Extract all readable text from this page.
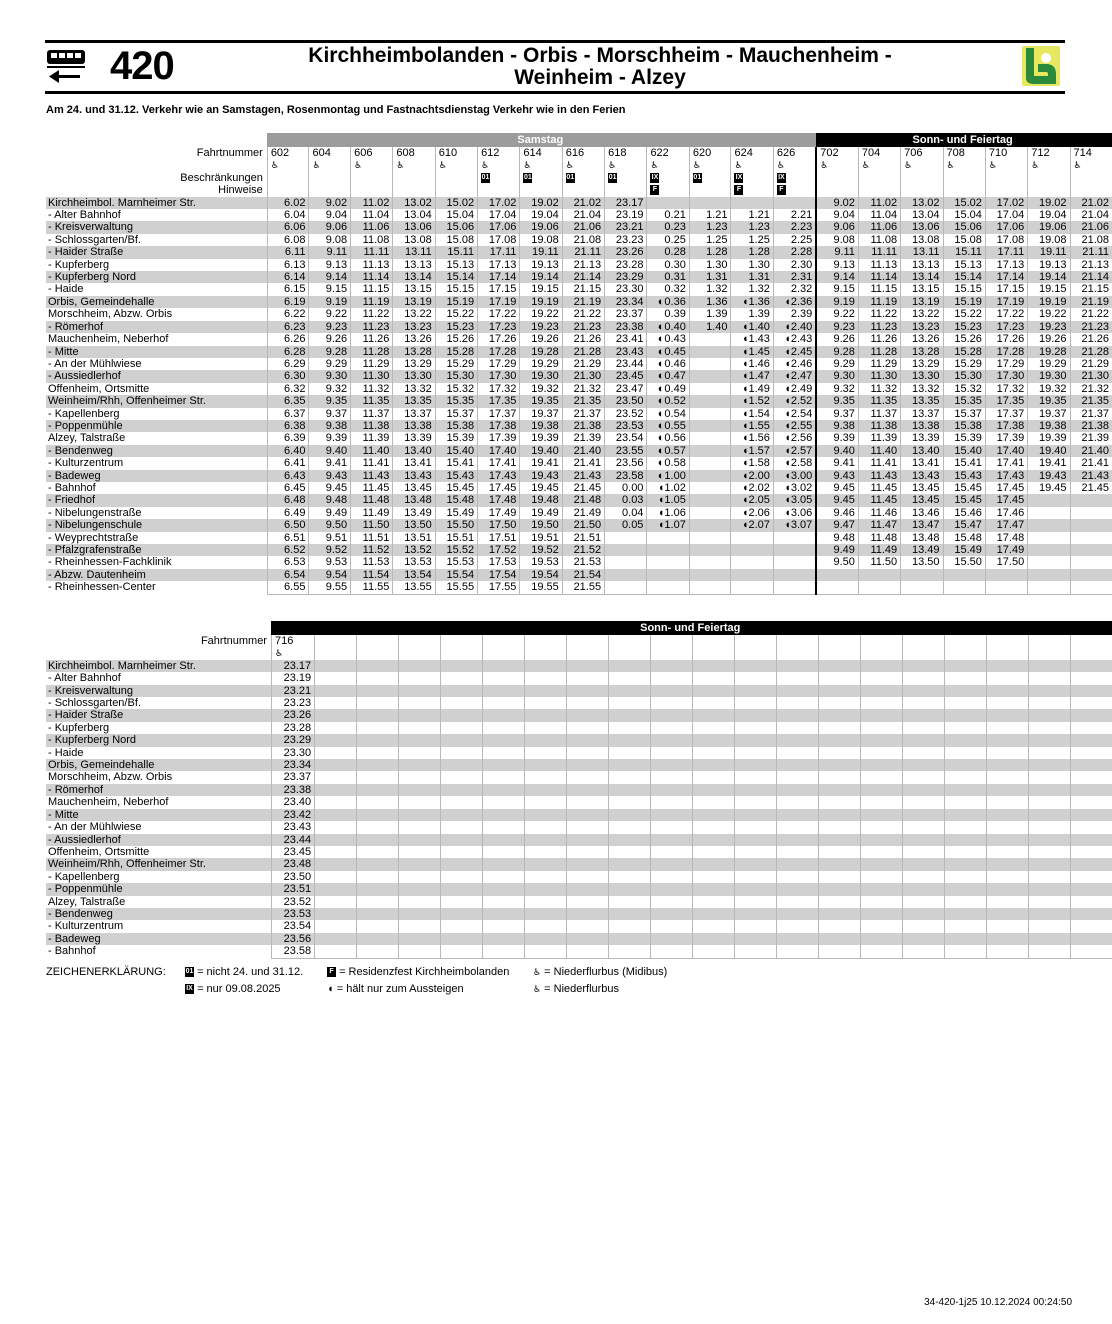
420	Kirchheimbolanden - Orbis - Morschheim - Mauchenheim -
Weinheim - Alzey
Am 24. und 31.12. Verkehr wie an Samstagen, Rosenmontag und Fastnachtsdienstag Verkehr wie in den Ferien
	Samstag													Sonn- und Feiertag						
Fahrtnummer	602	604	606	608	610	612	614	616	618	622	620	624	626	702	704	706	708	710	712	714
	♿	♿	♿	♿	♿	♿	♿	♿	♿	♿	♿	♿	♿	♿	♿	♿	♿	♿	♿	♿
Beschränkungen						01	01	01	01	IX	01	IX	IX							
Hinweise										F		F	F							
Kirchheimbol. Marnheimer Str.	6.02	9.02	11.02	13.02	15.02	17.02	19.02	21.02	23.17					9.02	11.02	13.02	15.02	17.02	19.02	21.02
- Alter Bahnhof	6.04	9.04	11.04	13.04	15.04	17.04	19.04	21.04	23.19	0.21	1.21	1.21	2.21	9.04	11.04	13.04	15.04	17.04	19.04	21.04
- Kreisverwaltung	6.06	9.06	11.06	13.06	15.06	17.06	19.06	21.06	23.21	0.23	1.23	1.23	2.23	9.06	11.06	13.06	15.06	17.06	19.06	21.06
- Schlossgarten/Bf.	6.08	9.08	11.08	13.08	15.08	17.08	19.08	21.08	23.23	0.25	1.25	1.25	2.25	9.08	11.08	13.08	15.08	17.08	19.08	21.08
- Haider Straße	6.11	9.11	11.11	13.11	15.11	17.11	19.11	21.11	23.26	0.28	1.28	1.28	2.28	9.11	11.11	13.11	15.11	17.11	19.11	21.11
- Kupferberg	6.13	9.13	11.13	13.13	15.13	17.13	19.13	21.13	23.28	0.30	1.30	1.30	2.30	9.13	11.13	13.13	15.13	17.13	19.13	21.13
- Kupferberg Nord	6.14	9.14	11.14	13.14	15.14	17.14	19.14	21.14	23.29	0.31	1.31	1.31	2.31	9.14	11.14	13.14	15.14	17.14	19.14	21.14
- Haide	6.15	9.15	11.15	13.15	15.15	17.15	19.15	21.15	23.30	0.32	1.32	1.32	2.32	9.15	11.15	13.15	15.15	17.15	19.15	21.15
Orbis, Gemeindehalle	6.19	9.19	11.19	13.19	15.19	17.19	19.19	21.19	23.34	◐0.36	1.36	◖1.36	◖2.36	9.19	11.19	13.19	15.19	17.19	19.19	21.19
Morschheim, Abzw. Orbis	6.22	9.22	11.22	13.22	15.22	17.22	19.22	21.22	23.37	0.39	1.39	1.39	2.39	9.22	11.22	13.22	15.22	17.22	19.22	21.22
- Römerhof	6.23	9.23	11.23	13.23	15.23	17.23	19.23	21.23	23.38	◐0.40	1.40	◖1.40	◖2.40	9.23	11.23	13.23	15.23	17.23	19.23	21.23
Mauchenheim, Neberhof	6.26	9.26	11.26	13.26	15.26	17.26	19.26	21.26	23.41	◐0.43		◖1.43	◖2.43	9.26	11.26	13.26	15.26	17.26	19.26	21.26
- Mitte	6.28	9.28	11.28	13.28	15.28	17.28	19.28	21.28	23.43	◐0.45		◖1.45	◖2.45	9.28	11.28	13.28	15.28	17.28	19.28	21.28
- An der Mühlwiese	6.29	9.29	11.29	13.29	15.29	17.29	19.29	21.29	23.44	◐0.46		◖1.46	◖2.46	9.29	11.29	13.29	15.29	17.29	19.29	21.29
- Aussiedlerhof	6.30	9.30	11.30	13.30	15.30	17.30	19.30	21.30	23.45	◐0.47		◖1.47	◖2.47	9.30	11.30	13.30	15.30	17.30	19.30	21.30
Offenheim, Ortsmitte	6.32	9.32	11.32	13.32	15.32	17.32	19.32	21.32	23.47	◐0.49		◖1.49	◖2.49	9.32	11.32	13.32	15.32	17.32	19.32	21.32
Weinheim/Rhh, Offenheimer Str.	6.35	9.35	11.35	13.35	15.35	17.35	19.35	21.35	23.50	◐0.52		◖1.52	◖2.52	9.35	11.35	13.35	15.35	17.35	19.35	21.35
- Kapellenberg	6.37	9.37	11.37	13.37	15.37	17.37	19.37	21.37	23.52	◐0.54		◖1.54	◖2.54	9.37	11.37	13.37	15.37	17.37	19.37	21.37
- Poppenmühle	6.38	9.38	11.38	13.38	15.38	17.38	19.38	21.38	23.53	◐0.55		◖1.55	◖2.55	9.38	11.38	13.38	15.38	17.38	19.38	21.38
Alzey, Talstraße	6.39	9.39	11.39	13.39	15.39	17.39	19.39	21.39	23.54	◐0.56		◖1.56	◖2.56	9.39	11.39	13.39	15.39	17.39	19.39	21.39
- Bendenweg	6.40	9.40	11.40	13.40	15.40	17.40	19.40	21.40	23.55	◐0.57		◖1.57	◖2.57	9.40	11.40	13.40	15.40	17.40	19.40	21.40
- Kulturzentrum	6.41	9.41	11.41	13.41	15.41	17.41	19.41	21.41	23.56	◐0.58		◖1.58	◖2.58	9.41	11.41	13.41	15.41	17.41	19.41	21.41
- Badeweg	6.43	9.43	11.43	13.43	15.43	17.43	19.43	21.43	23.58	◐1.00		◖2.00	◖3.00	9.43	11.43	13.43	15.43	17.43	19.43	21.43
- Bahnhof	6.45	9.45	11.45	13.45	15.45	17.45	19.45	21.45	0.00	◖1.02		◖2.02	◖3.02	9.45	11.45	13.45	15.45	17.45	19.45	21.45
- Friedhof	6.48	9.48	11.48	13.48	15.48	17.48	19.48	21.48	0.03	◖1.05		◖2.05	◖3.05	9.45	11.45	13.45	15.45	17.45		
- Nibelungenstraße	6.49	9.49	11.49	13.49	15.49	17.49	19.49	21.49	0.04	◖1.06		◖2.06	◖3.06	9.46	11.46	13.46	15.46	17.46		
- Nibelungenschule	6.50	9.50	11.50	13.50	15.50	17.50	19.50	21.50	0.05	◖1.07		◖2.07	◖3.07	9.47	11.47	13.47	15.47	17.47		
- Weyprechtstraße	6.51	9.51	11.51	13.51	15.51	17.51	19.51	21.51						9.48	11.48	13.48	15.48	17.48		
- Pfalzgrafenstraße	6.52	9.52	11.52	13.52	15.52	17.52	19.52	21.52						9.49	11.49	13.49	15.49	17.49		
- Rheinhessen-Fachklinik	6.53	9.53	11.53	13.53	15.53	17.53	19.53	21.53						9.50	11.50	13.50	15.50	17.50		
- Abzw. Dautenheim	6.54	9.54	11.54	13.54	15.54	17.54	19.54	21.54												
- Rheinhessen-Center	6.55	9.55	11.55	13.55	15.55	17.55	19.55	21.55												
	Sonn- und Feiertag																			
Fahrtnummer	716																			
	♿																			
Kirchheimbol. Marnheimer Str.	23.17																			
- Alter Bahnhof	23.19																			
- Kreisverwaltung	23.21																			
- Schlossgarten/Bf.	23.23																			
- Haider Straße	23.26																			
- Kupferberg	23.28																			
- Kupferberg Nord	23.29																			
- Haide	23.30																			
Orbis, Gemeindehalle	23.34																			
Morschheim, Abzw. Orbis	23.37																			
- Römerhof	23.38																			
Mauchenheim, Neberhof	23.40																			
- Mitte	23.42																			
- An der Mühlwiese	23.43																			
- Aussiedlerhof	23.44																			
Offenheim, Ortsmitte	23.45																			
Weinheim/Rhh, Offenheimer Str.	23.48																			
- Kapellenberg	23.50																			
- Poppenmühle	23.51																			
Alzey, Talstraße	23.52																			
- Bendenweg	23.53																			
- Kulturzentrum	23.54																			
- Badeweg	23.56																			
- Bahnhof	23.58																			
ZEICHENERKLÄRUNG:	01 = nicht 24. und 31.12.
IX = nur 09.08.2025
F = Residenzfest Kirchheimbolanden
◖ = hält nur zum Aussteigen
♿ = Niederflurbus (Midibus)
♿ = Niederflurbus
34-420-1j25 10.12.2024 00:24:50
